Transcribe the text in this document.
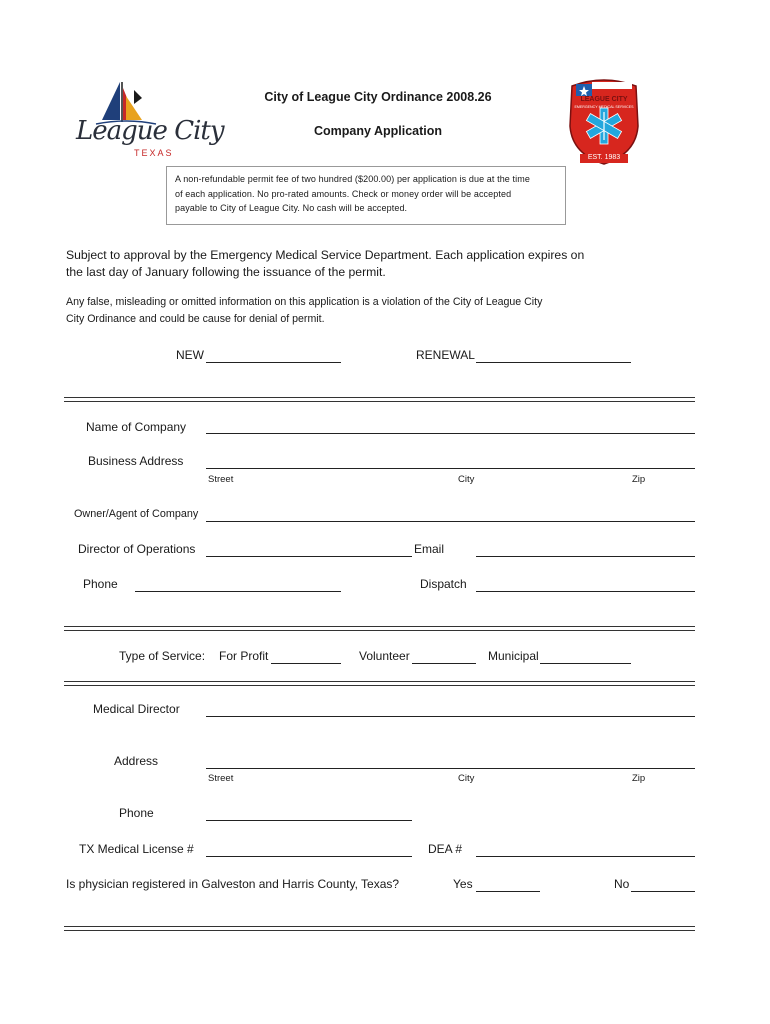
League City
TEXAS
City of League City Ordinance 2008.26
Company Application
LEAGUE CITY
EMERGENCY MEDICAL SERVICES
EST. 1983
A non-refundable permit fee of two hundred ($200.00) per application is due at the time
of each application. No pro-rated amounts. Check or money order will be accepted
payable to City of League City. No cash will be accepted.
Subject to approval by the Emergency Medical Service Department. Each application expires on
the last day of January following the issuance of the permit.
Any false, misleading or omitted information on this application is a violation of the City of League City
City Ordinance and could be cause for denial of permit.
NEW	RENEWAL
Name of Company
Business Address
Street	City	Zip
Owner/Agent of Company
Director of Operations	Email
Phone	Dispatch
Type of Service: For Profit	Volunteer	Municipal
Medical Director
Address
Street	City	Zip
Phone
TX Medical License #	DEA #
Is physician registered in Galveston and Harris County, Texas?	Yes	No
